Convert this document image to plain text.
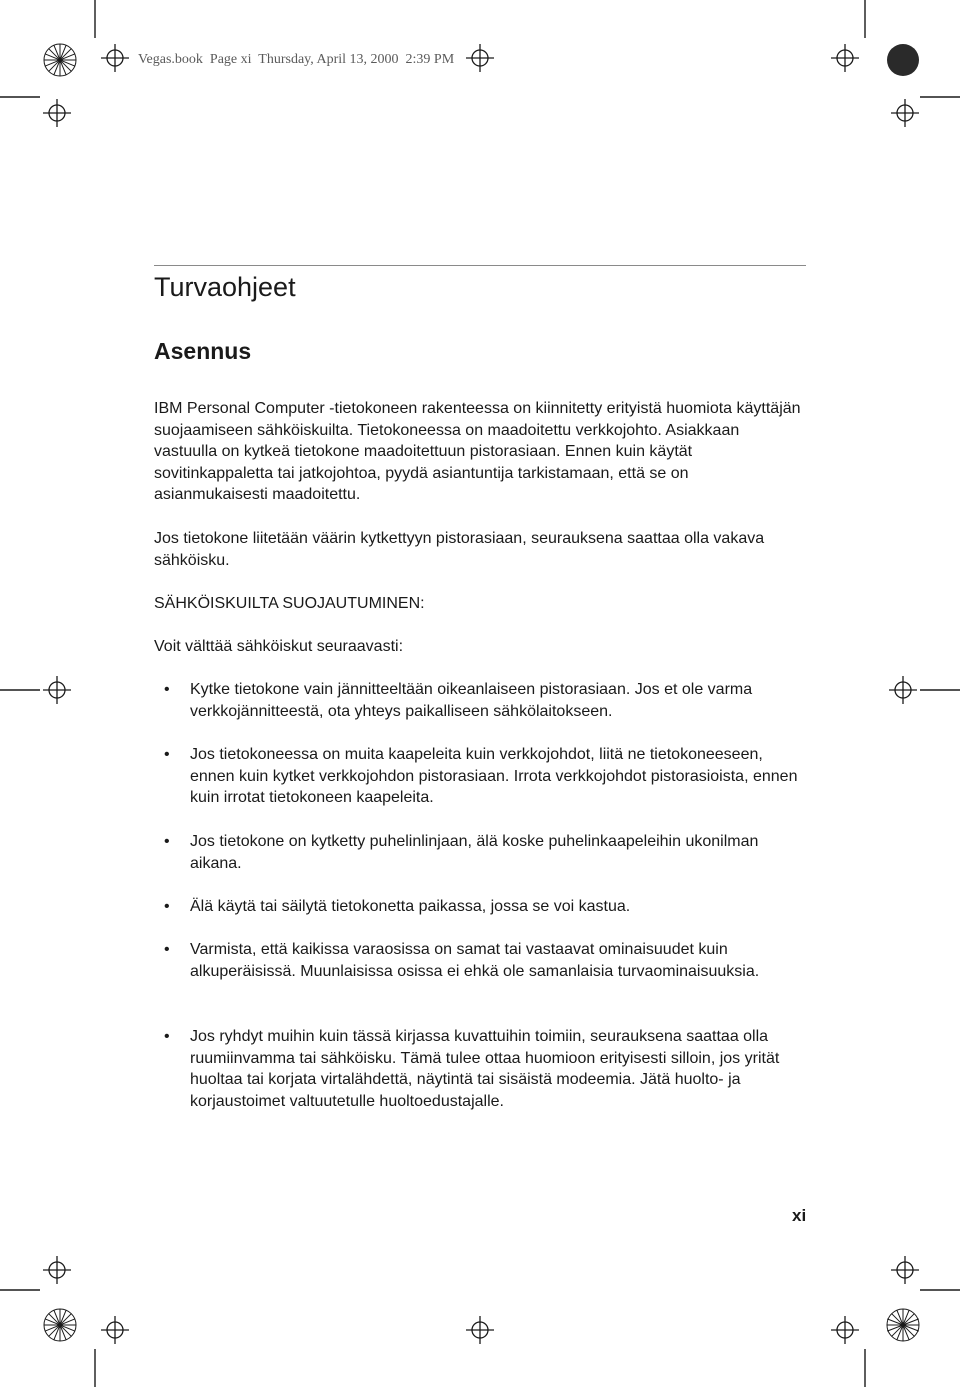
Vegas.book  Page xi  Thursday, April 13, 2000  2:39 PM
Turvaohjeet
Asennus

IBM Personal Computer -tietokoneen rakenteessa on kiinnitetty erityistä huomiota käyttäjän suojaamiseen sähköiskuilta. Tietokoneessa on maadoitettu verkkojohto. Asiakkaan vastuulla on kytkeä tietokone maadoitettuun pistorasiaan. Ennen kuin käytät sovitinkappaletta tai jatkojohtoa, pyydä asiantuntija tarkistamaan, että se on asianmukaisesti maadoitettu.

Jos tietokone liitetään väärin kytkettyyn pistorasiaan, seurauksena saattaa olla vakava sähköisku.

SÄHKÖISKUILTA SUOJAUTUMINEN:

Voit välttää sähköiskut seuraavasti:

• Kytke tietokone vain jännitteeltään oikeanlaiseen pistorasiaan. Jos et ole varma verkkojännitteestä, ota yhteys paikalliseen sähkölaitokseen.
• Jos tietokoneessa on muita kaapeleita kuin verkkojohdot, liitä ne tietokoneeseen, ennen kuin kytket verkkojohdon pistorasiaan. Irrota verkkojohdot pistorasioista, ennen kuin irrotat tietokoneen kaapeleita.
• Jos tietokone on kytketty puhelinlinjaan, älä koske puhelinkaapeleihin ukonilman aikana.
• Älä käytä tai säilytä tietokonetta paikassa, jossa se voi kastua.
• Varmista, että kaikissa varaosissa on samat tai vastaavat ominaisuudet kuin alkuperäisissä. Muunlaisissa osissa ei ehkä ole samanlaisia turvaominaisuuksia.
• Jos ryhdyt muihin kuin tässä kirjassa kuvattuihin toimiin, seurauksena saattaa olla ruumiinvamma tai sähköisku. Tämä tulee ottaa huomioon erityisesti silloin, jos yrität huoltaa tai korjata virtalähdettä, näytintä tai sisäistä modeemia. Jätä huolto- ja korjaustoimet valtuutetulle huoltoedustajalle.
xi
